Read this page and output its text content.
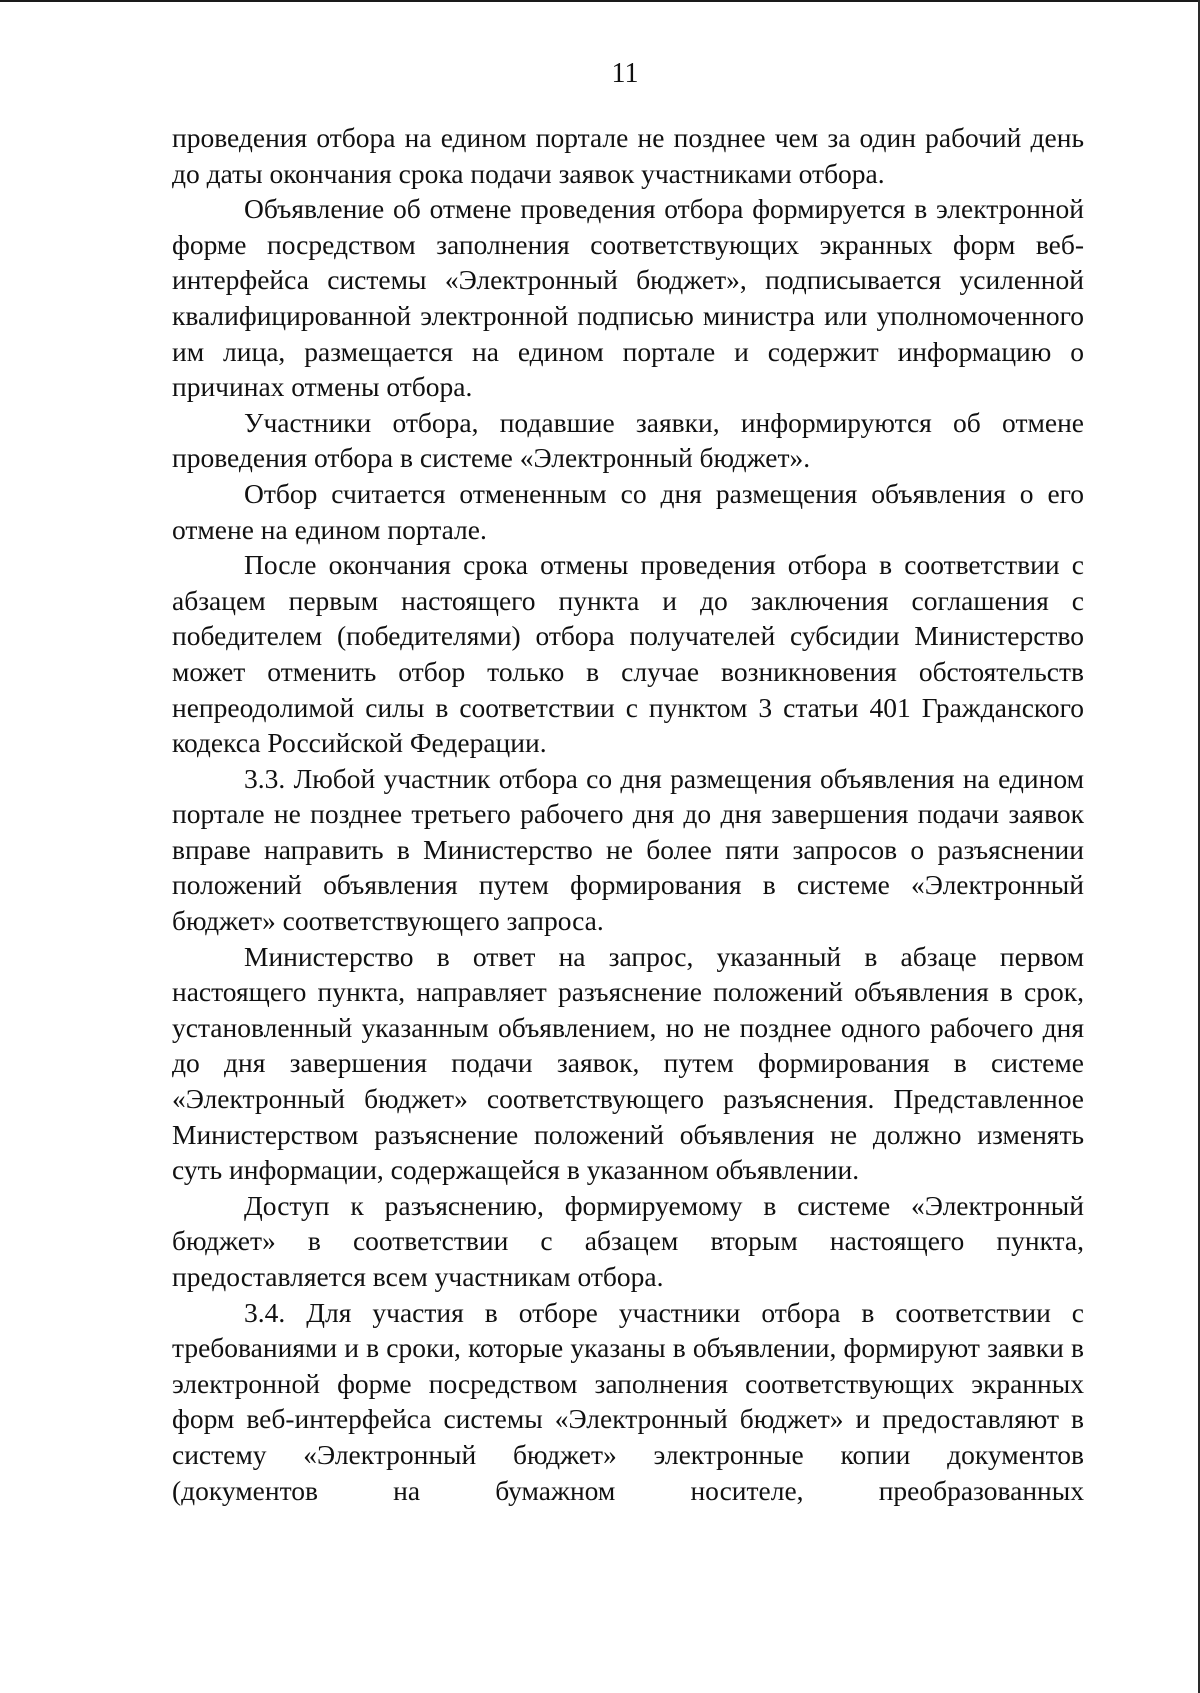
11

проведения отбора на едином портале не позднее чем за один рабочий день до даты окончания срока подачи заявок участниками отбора.

Объявление об отмене проведения отбора формируется в электронной форме посредством заполнения соответствующих экранных форм веб-интерфейса системы «Электронный бюджет», подписывается усиленной квалифицированной электронной подписью министра или уполномоченного им лица, размещается на едином портале и содержит информацию о причинах отмены отбора.

Участники отбора, подавшие заявки, информируются об отмене проведения отбора в системе «Электронный бюджет».

Отбор считается отмененным со дня размещения объявления о его отмене на едином портале.

После окончания срока отмены проведения отбора в соответствии с абзацем первым настоящего пункта и до заключения соглашения с победителем (победителями) отбора получателей субсидии Министерство может отменить отбор только в случае возникновения обстоятельств непреодолимой силы в соответствии с пунктом 3 статьи 401 Гражданского кодекса Российской Федерации.

3.3. Любой участник отбора со дня размещения объявления на едином портале не позднее третьего рабочего дня до дня завершения подачи заявок вправе направить в Министерство не более пяти запросов о разъяснении положений объявления путем формирования в системе «Электронный бюджет» соответствующего запроса.

Министерство в ответ на запрос, указанный в абзаце первом настоящего пункта, направляет разъяснение положений объявления в срок, установленный указанным объявлением, но не позднее одного рабочего дня до дня завершения подачи заявок, путем формирования в системе «Электронный бюджет» соответствующего разъяснения. Представленное Министерством разъяснение положений объявления не должно изменять суть информации, содержащейся в указанном объявлении.

Доступ к разъяснению, формируемому в системе «Электронный бюджет» в соответствии с абзацем вторым настоящего пункта, предоставляется всем участникам отбора.

3.4. Для участия в отборе участники отбора в соответствии с требованиями и в сроки, которые указаны в объявлении, формируют заявки в электронной форме посредством заполнения соответствующих экранных форм веб-интерфейса системы «Электронный бюджет» и предоставляют в систему «Электронный бюджет» электронные копии документов (документов на бумажном носителе, преобразованных
